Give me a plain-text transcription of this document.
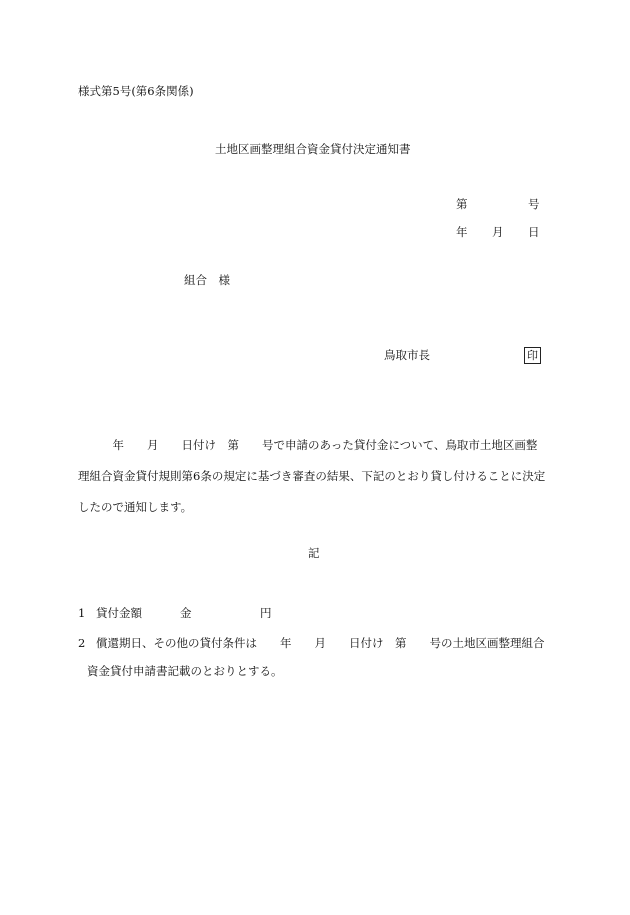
様式第5号(第6条関係)
土地区画整理組合資金貸付決定通知書
第	号
年 月 日
組合　様
鳥取市長	印
　　　年　　月　　日付け　第　　号で申請のあった貸付金について、鳥取市土地区画整
理組合資金貸付規則第6条の規定に基づき審査の結果、下記のとおり貸し付けることに決定
したので通知します。
記
1 貸付金額	金	円
2 償還期日、その他の貸付条件は　　年　　月　　日付け　第　　号の土地区画整理組合
資金貸付申請書記載のとおりとする。
